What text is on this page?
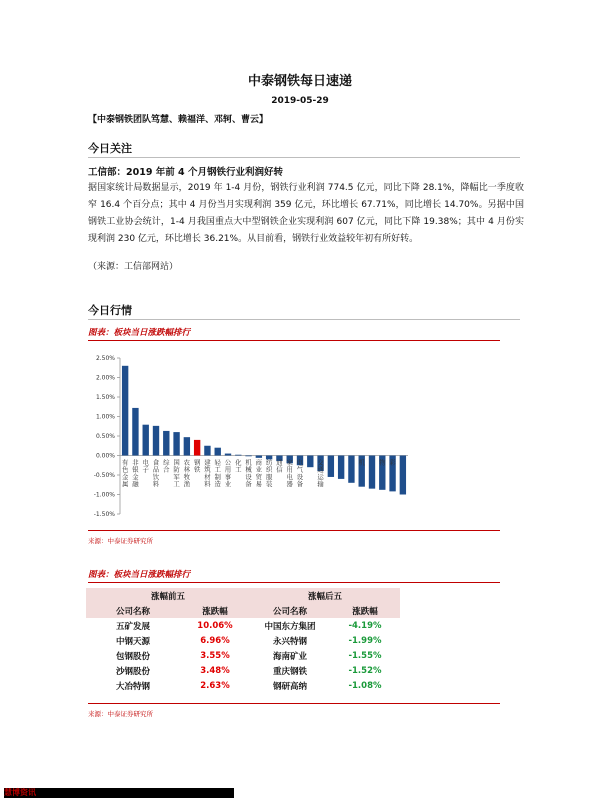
中泰钢铁每日速递
2019-05-29
【中泰钢铁团队笃慧、赖福洋、邓轲、曹云】
今日关注
工信部：2019 年前 4 个月钢铁行业利润好转
据国家统计局数据显示，2019 年 1-4 月份，钢铁行业利润 774.5 亿元，同比下降 28.1%，降幅比一季度收窄 16.4 个百分点；其中 4 月份当月实现利润 359 亿元，环比增长 67.71%，同比增长 14.70%。另据中国钢铁工业协会统计，1-4 月我国重点大中型钢铁企业实现利润 607 亿元，同比下降 19.38%；其中 4 月份实现利润 230 亿元，环比增长 36.21%。从目前看，钢铁行业效益较年初有所好转。
（来源：工信部网站）
今日行情
图表：板块当日涨跌幅排行
2.50%
2.00%
1.50%
1.00%
0.50%
0.00%
-0.50%
-1.00%
-1.50%
有色金属
非银金融
电子
食品饮料
综合
国防军工
农林牧渔
钢铁
建筑材料
轻工制造
公用事业
化工
机械设备
商业贸易
纺织服装
通信
家用电器
电气设备
交通运输
机 物 彩
来源：中泰证券研究所
图表：板块当日涨跌幅排行
涨幅前五		涨幅后五	
公司名称	涨跌幅	公司名称	涨跌幅
五矿发展	10.06%	中国东方集团	-4.19%
中钢天源	6.96%	永兴特钢	-1.99%
包钢股份	3.55%	海南矿业	-1.55%
沙钢股份	3.48%	重庆钢铁	-1.52%
大冶特钢	2.63%	钢研高纳	-1.08%
来源：中泰证券研究所
慧博资讯
